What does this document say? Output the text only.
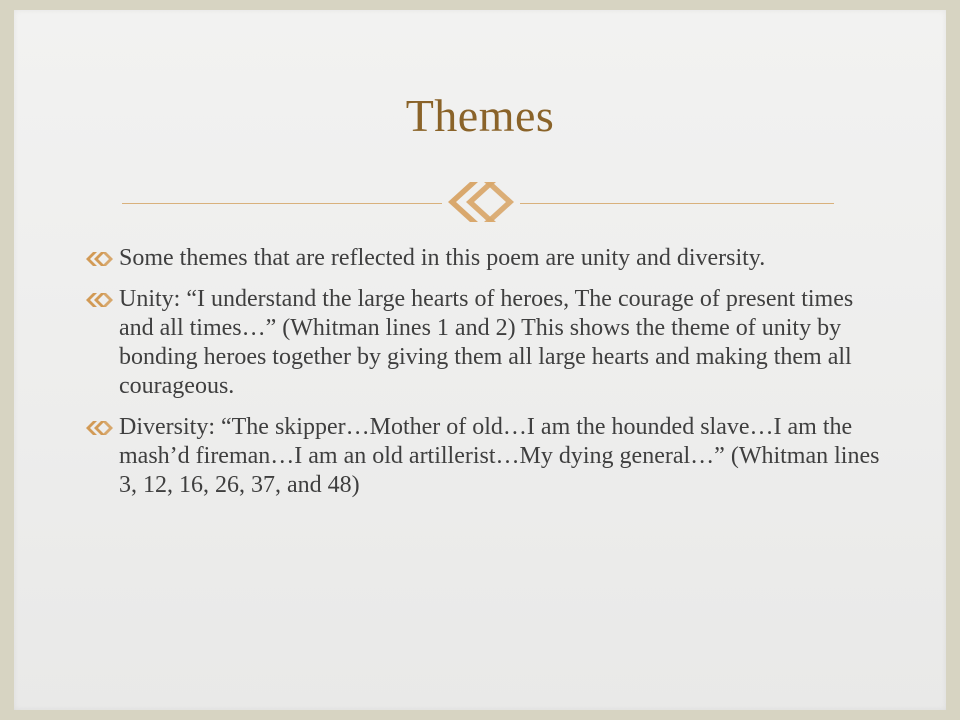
Themes
Some themes that are reflected in this poem are unity and diversity.
Unity: “I understand the large hearts of heroes, The courage of present times and all times…” (Whitman lines 1 and 2) This shows the theme of unity by bonding heroes together by giving them all large hearts and making them all courageous.
Diversity: “The skipper…Mother of old…I am the hounded slave…I am the mash’d fireman…I am an old artillerist…My dying general…” (Whitman lines 3, 12, 16, 26, 37, and 48)
